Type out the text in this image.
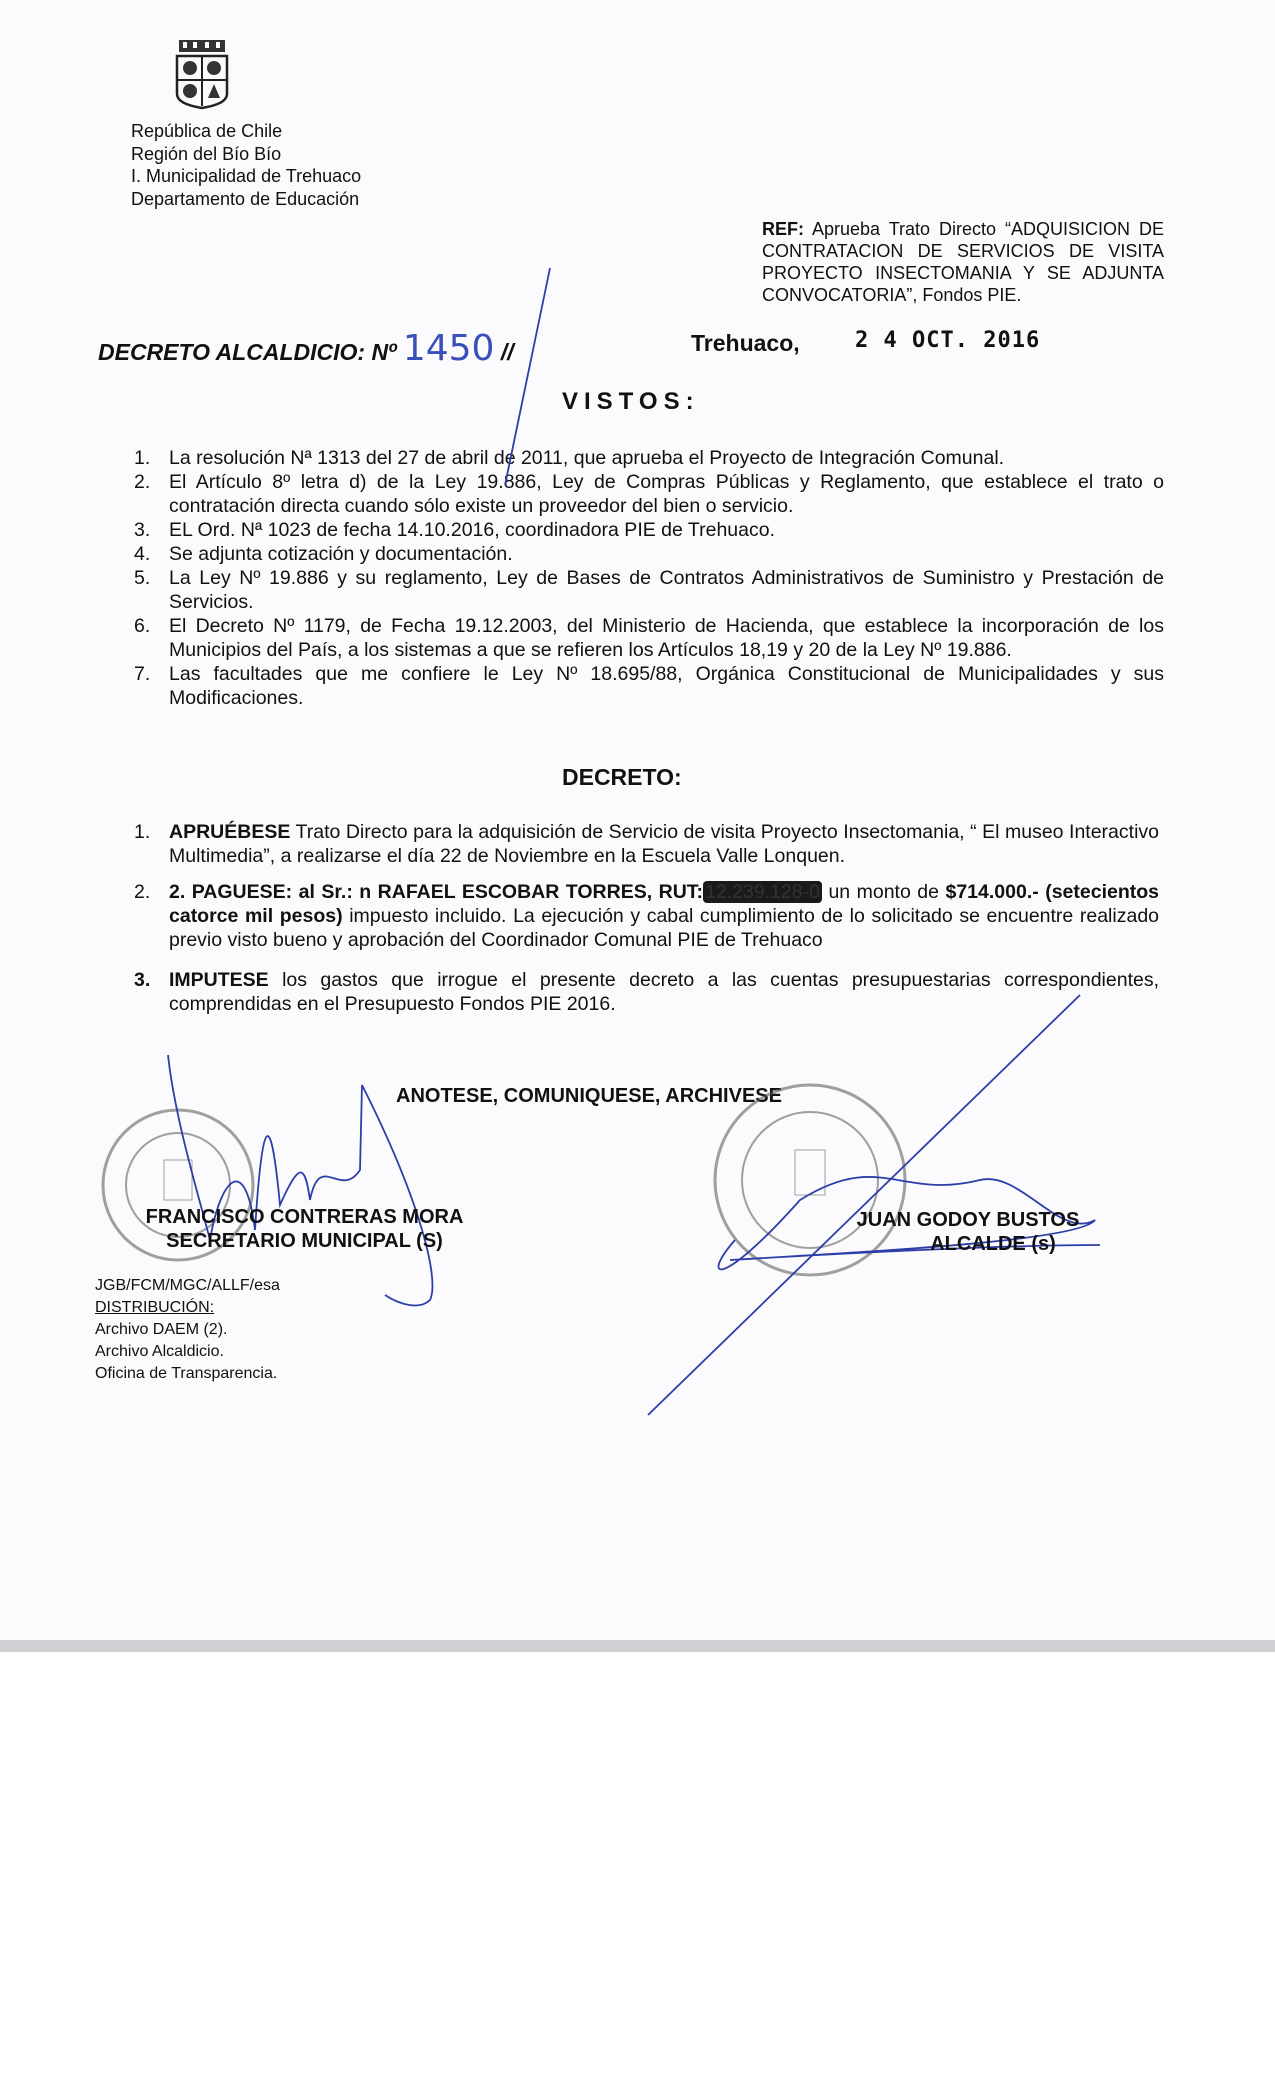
República de Chile
Región del Bío Bío
I. Municipalidad de Trehuaco
Departamento de Educación
REF: Aprueba Trato Directo “ADQUISICION DE CONTRATACION DE SERVICIOS DE VISITA PROYECTO INSECTOMANIA Y SE ADJUNTA CONVOCATORIA”, Fondos PIE.
DECRETO ALCALDICIO: Nº 1450 //	Trehuaco,	2 4 OCT. 2016
VISTOS:
1. La resolución Nª 1313 del 27 de abril de 2011, que aprueba el Proyecto de Integración Comunal.
2. El Artículo 8º letra d) de la Ley 19.886, Ley de Compras Públicas y Reglamento, que establece el trato o contratación directa cuando sólo existe un proveedor del bien o servicio.
3. EL Ord. Nª 1023 de fecha 14.10.2016, coordinadora PIE de Trehuaco.
4. Se adjunta cotización y documentación.
5. La Ley Nº 19.886 y su reglamento, Ley de Bases de Contratos Administrativos de Suministro y Prestación de Servicios.
6. El Decreto Nº 1179, de Fecha 19.12.2003, del Ministerio de Hacienda, que establece la incorporación de los Municipios del País, a los sistemas a que se refieren los Artículos 18,19 y 20 de la Ley Nº 19.886.
7. Las facultades que me confiere le Ley Nº 18.695/88, Orgánica Constitucional de Municipalidades y sus Modificaciones.
DECRETO:
1. APRUÉBESE Trato Directo para la adquisición de Servicio de visita Proyecto Insectomania, “ El museo Interactivo Multimedia”, a realizarse el día 22 de Noviembre en la Escuela Valle Lonquen.
2. 2. PAGUESE: al Sr.: n RAFAEL ESCOBAR TORRES, RUT: 12.239.128-0 un monto de $714.000.- (setecientos catorce mil pesos) impuesto incluido. La ejecución y cabal cumplimiento de lo solicitado se encuentre realizado previo visto bueno y aprobación del Coordinador Comunal PIE de Trehuaco
3. IMPUTESE los gastos que irrogue el presente decreto a las cuentas presupuestarias correspondientes, comprendidas en el Presupuesto Fondos PIE 2016.
ANOTESE, COMUNIQUESE, ARCHIVESE
FRANCISCO CONTRERAS MORA
SECRETARIO MUNICIPAL (S)
JUAN GODOY BUSTOS
ALCALDE (s)
JGB/FCM/MGC/ALLF/esa
DISTRIBUCIÓN:
Archivo DAEM (2).
Archivo Alcaldicio.
Oficina de Transparencia.
